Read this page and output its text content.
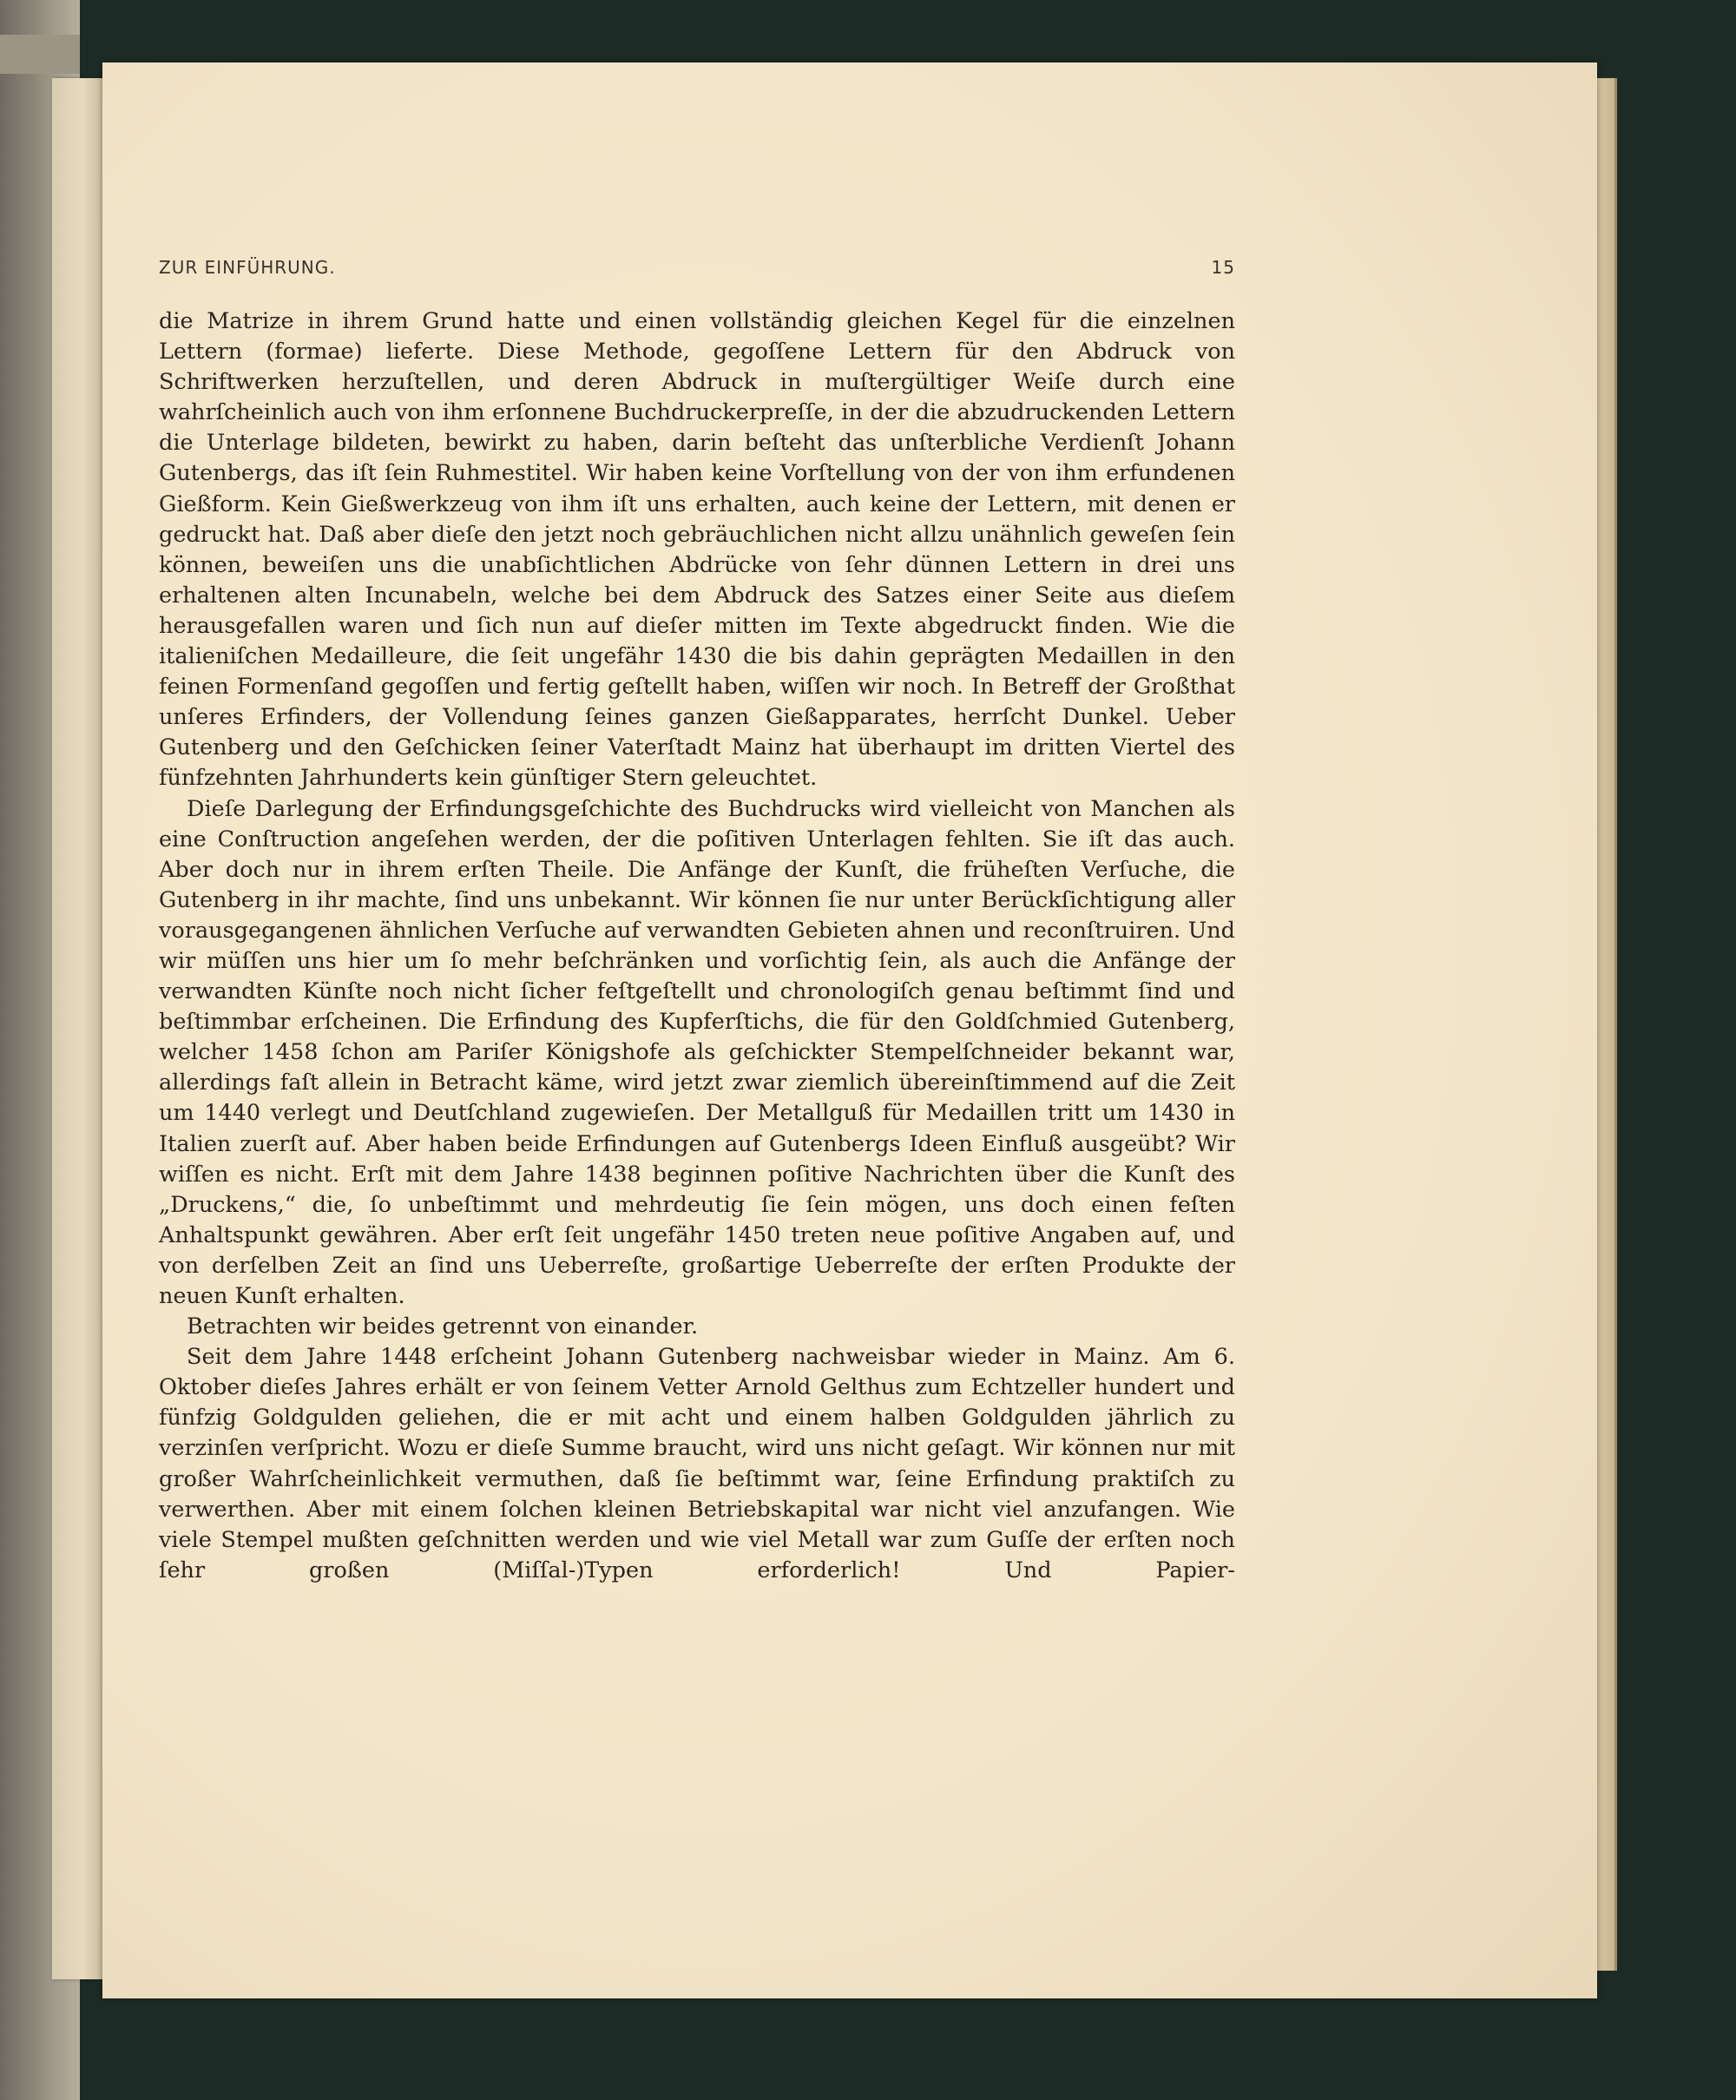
ZUR EINFÜHRUNG.	15

die Matrize in ihrem Grund hatte und einen vollständig gleichen Kegel für die einzelnen Lettern (formae) lieferte. Diese Methode, gegoſſene Lettern für den Abdruck von Schriftwerken herzuſtellen, und deren Abdruck in muſtergültiger Weiſe durch eine wahrſcheinlich auch von ihm erſonnene Buchdruckerpreſſe, in der die abzudruckenden Lettern die Unterlage bildeten, bewirkt zu haben, darin beſteht das unſterbliche Verdienſt Johann Gutenbergs, das iſt ſein Ruhmestitel. Wir haben keine Vorſtellung von der von ihm erfundenen Gießform. Kein Gießwerkzeug von ihm iſt uns erhalten, auch keine der Lettern, mit denen er gedruckt hat. Daß aber dieſe den jetzt noch gebräuchlichen nicht allzu unähnlich geweſen ſein können, beweiſen uns die unabſichtlichen Abdrücke von ſehr dünnen Lettern in drei uns erhaltenen alten Incunabeln, welche bei dem Abdruck des Satzes einer Seite aus dieſem herausgefallen waren und ſich nun auf dieſer mitten im Texte abgedruckt finden. Wie die italieniſchen Medailleure, die ſeit ungefähr 1430 die bis dahin geprägten Medaillen in den feinen Formenſand gegoſſen und fertig geſtellt haben, wiſſen wir noch. In Betreff der Großthat unſeres Erfinders, der Vollendung ſeines ganzen Gießapparates, herrſcht Dunkel. Ueber Gutenberg und den Geſchicken ſeiner Vaterſtadt Mainz hat überhaupt im dritten Viertel des fünfzehnten Jahrhunderts kein günſtiger Stern geleuchtet.

Dieſe Darlegung der Erfindungsgeſchichte des Buchdrucks wird vielleicht von Manchen als eine Conſtruction angeſehen werden, der die poſitiven Unterlagen fehlten. Sie iſt das auch. Aber doch nur in ihrem erſten Theile. Die Anfänge der Kunſt, die früheſten Verſuche, die Gutenberg in ihr machte, ſind uns unbekannt. Wir können ſie nur unter Berückſichtigung aller vorausgegangenen ähnlichen Verſuche auf verwandten Gebieten ahnen und reconſtruiren. Und wir müſſen uns hier um ſo mehr beſchränken und vorſichtig ſein, als auch die Anfänge der verwandten Künſte noch nicht ſicher feſtgeſtellt und chronologiſch genau beſtimmt ſind und beſtimmbar erſcheinen. Die Erfindung des Kupferſtichs, die für den Goldſchmied Gutenberg, welcher 1458 ſchon am Pariſer Königshofe als geſchickter Stempelſchneider bekannt war, allerdings faſt allein in Betracht käme, wird jetzt zwar ziemlich übereinſtimmend auf die Zeit um 1440 verlegt und Deutſchland zugewieſen. Der Metallguß für Medaillen tritt um 1430 in Italien zuerſt auf. Aber haben beide Erfindungen auf Gutenbergs Ideen Einfluß ausgeübt? Wir wiſſen es nicht. Erſt mit dem Jahre 1438 beginnen poſitive Nachrichten über die Kunſt des „Druckens,“ die, ſo unbeſtimmt und mehrdeutig ſie ſein mögen, uns doch einen feſten Anhaltspunkt gewähren. Aber erſt ſeit ungefähr 1450 treten neue poſitive Angaben auf, und von derſelben Zeit an ſind uns Ueberreſte, großartige Ueberreſte der erſten Produkte der neuen Kunſt erhalten.

Betrachten wir beides getrennt von einander.

Seit dem Jahre 1448 erſcheint Johann Gutenberg nachweisbar wieder in Mainz. Am 6. Oktober dieſes Jahres erhält er von ſeinem Vetter Arnold Gelthus zum Echtzeller hundert und fünfzig Goldgulden geliehen, die er mit acht und einem halben Goldgulden jährlich zu verzinſen verſpricht. Wozu er dieſe Summe braucht, wird uns nicht geſagt. Wir können nur mit großer Wahrſcheinlichkeit vermuthen, daß ſie beſtimmt war, ſeine Erfindung praktiſch zu verwerthen. Aber mit einem ſolchen kleinen Betriebskapital war nicht viel anzufangen. Wie viele Stempel mußten geſchnitten werden und wie viel Metall war zum Guſſe der erſten noch ſehr großen (Miſſal-)Typen erforderlich! Und Papier-
